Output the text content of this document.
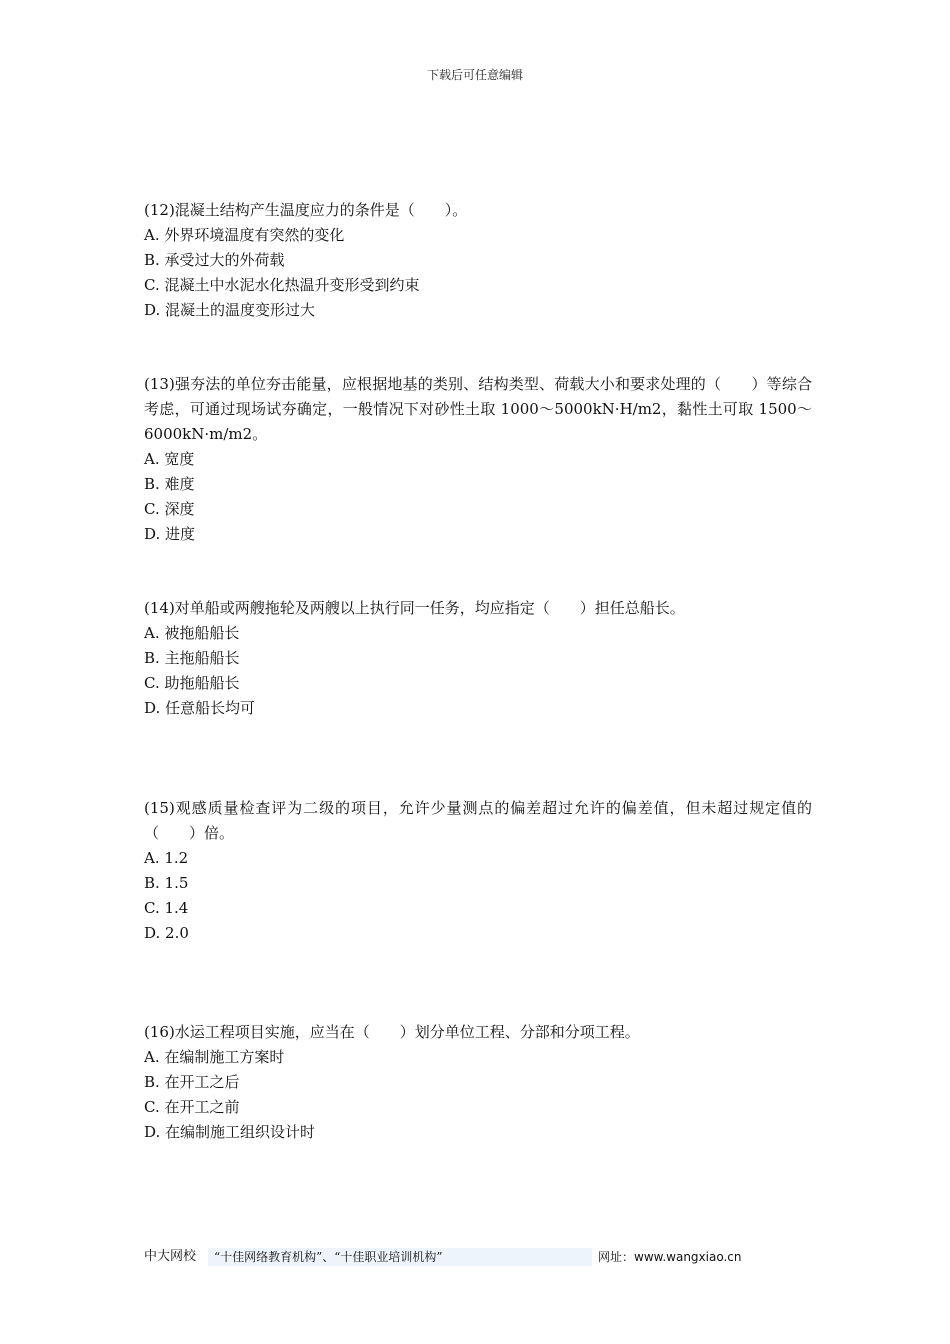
下载后可任意编辑

(12)混凝土结构产生温度应力的条件是（　　）。

A. 外界环境温度有突然的变化

B. 承受过大的外荷载

C. 混凝土中水泥水化热温升变形受到约束

D. 混凝土的温度变形过大

(13)强夯法的单位夯击能量，应根据地基的类别、结构类型、荷载大小和要求处理的（　　）等综合考虑，可通过现场试夯确定，一般情况下对砂性土取 1000～5000kN·H/m2，黏性土可取 1500～6000kN·m/m2。

A. 宽度

B. 难度

C. 深度

D. 进度

(14)对单船或两艘拖轮及两艘以上执行同一任务，均应指定（　　）担任总船长。

A. 被拖船船长

B. 主拖船船长

C. 助拖船船长

D. 任意船长均可

(15)观感质量检查评为二级的项目，允许少量测点的偏差超过允许的偏差值，但未超过规定值的（　　）倍。

A. 1.2

B. 1.5

C. 1.4

D. 2.0

(16)水运工程项目实施，应当在（　　）划分单位工程、分部和分项工程。

A. 在编制施工方案时

B. 在开工之后

C. 在开工之前

D. 在编制施工组织设计时

中大网校	“十佳网络教育机构”、“十佳职业培训机构”	网址：www.wangxiao.cn
